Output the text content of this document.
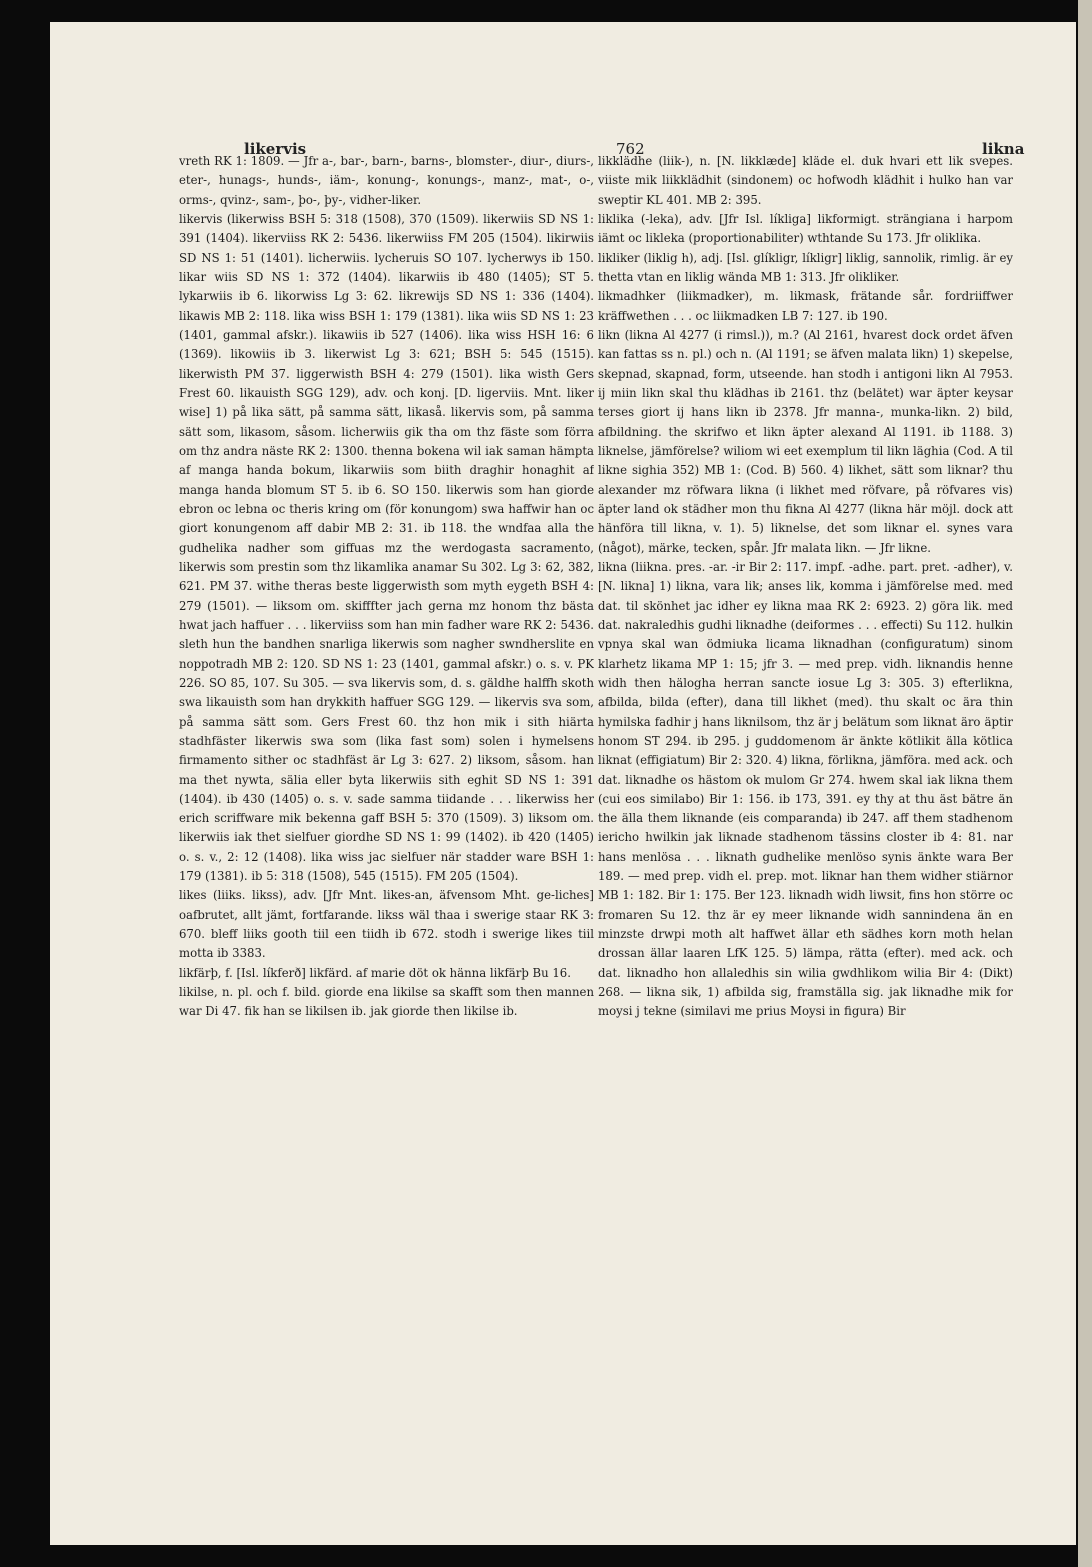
likervis	762	likna

vreth RK 1: 1809. — Jfr a-, bar-, barn-, barns-, blomster-, diur-, diurs-, eter-, hunags-, hunds-, iäm-, konung-, konungs-, manz-, mat-, o-, orms-, qvinz-, sam-, þo-, þy-, vidher-liker.

likervis (likerwiss BSH 5: 318 (1508), 370 (1509). likerwiis SD NS 1: 391 (1404). likerviiss RK 2: 5436. likerwiiss FM 205 (1504). likirwiis SD NS 1: 51 (1401). licherwiis. lycheruis SO 107. lycherwys ib 150. likar wiis SD NS 1: 372 (1404). likarwiis ib 480 (1405); ST 5. lykarwiis ib 6. likorwiss Lg 3: 62. likrewijs SD NS 1: 336 (1404). likawis MB 2: 118. lika wiss BSH 1: 179 (1381). lika wiis SD NS 1: 23 (1401, gammal afskr.). likawiis ib 527 (1406). lika wiss HSH 16: 6 (1369). likowiis ib 3. likerwist Lg 3: 621; BSH 5: 545 (1515). likerwisth PM 37. liggerwisth BSH 4: 279 (1501). lika wisth Gers Frest 60. likauisth SGG 129), adv. och konj. [D. ligerviis. Mnt. liker wise] 1) på lika sätt, på samma sätt, likaså. likervis som, på samma sätt som, likasom, såsom. licherwiis gik tha om thz fäste som förra om thz andra näste RK 2: 1300. thenna bokena wil iak saman hämpta af manga handa bokum, likarwiis som biith draghir honaghit af manga handa blomum ST 5. ib 6. SO 150. likerwis som han giorde ebron oc lebna oc theris kring om (för konungom) swa haffwir han oc giort konungenom aff dabir MB 2: 31. ib 118. the wndfaa alla the gudhelika nadher som giffuas mz the werdogasta sacramento, likerwis som prestin som thz likamlika anamar Su 302. Lg 3: 62, 382, 621. PM 37. withe theras beste liggerwisth som myth eygeth BSH 4: 279 (1501). — liksom om. skifffter jach gerna mz honom thz bästa hwat jach haffuer . . . likerviiss som han min fadher ware RK 2: 5436. sleth hun the bandhen snarliga likerwis som nagher swndherslite en noppotradh MB 2: 120. SD NS 1: 23 (1401, gammal afskr.) o. s. v. PK 226. SO 85, 107. Su 305. — sva likervis som, d. s. gäldhe halffh skoth swa likauisth som han drykkith haffuer SGG 129. — likervis sva som, på samma sätt som. Gers Frest 60. thz hon mik i sith hiärta stadhfäster likerwis swa som (lika fast som) solen i hymelsens firmamento sither oc stadhfäst är Lg 3: 627. 2) liksom, såsom. han ma thet nywta, sälia eller byta likerwiis sith eghit SD NS 1: 391 (1404). ib 430 (1405) o. s. v. sade samma tiidande . . . likerwiss her erich scriffware mik bekenna gaff BSH 5: 370 (1509). 3) liksom om. likerwiis iak thet sielfuer giordhe SD NS 1: 99 (1402). ib 420 (1405) o. s. v., 2: 12 (1408). lika wiss jac sielfuer när stadder ware BSH 1: 179 (1381). ib 5: 318 (1508), 545 (1515). FM 205 (1504).

likes (liiks. likss), adv. [Jfr Mnt. likes-an, äfvensom Mht. ge-liches] oafbrutet, allt jämt, fortfarande. likss wäl thaa i swerige staar RK 3: 670. bleff liiks gooth tiil een tiidh ib 672. stodh i swerige likes tiil motta ib 3383.

likfärþ, f. [Isl. líkferð] likfärd. af marie döt ok hänna likfärþ Bu 16.

likilse, n. pl. och f. bild. giorde ena likilse sa skafft som then mannen war Di 47. fik han se likilsen ib. jak giorde then likilse ib.

likklädhe (liik-), n. [N. likklæde] kläde el. duk hvari ett lik svepes. viiste mik liikklädhit (sindonem) oc hofwodh klädhit i hulko han var sweptir KL 401. MB 2: 395.

liklika (-leka), adv. [Jfr Isl. líkliga] likformigt. strängiana i harpom iämt oc likleka (proportionabiliter) wthtande Su 173. Jfr oliklika.

likliker (liklig h), adj. [Isl. glíkligr, líkligr] liklig, sannolik, rimlig. är ey thetta vtan en liklig wända MB 1: 313. Jfr olikliker.

likmadhker (liikmadker), m. likmask, frätande sår. fordriiffwer kräffwethen . . . oc liikmadken LB 7: 127. ib 190.

likn (likna Al 4277 (i rimsl.)), m.? (Al 2161, hvarest dock ordet äfven kan fattas ss n. pl.) och n. (Al 1191; se äfven malata likn) 1) skepelse, skepnad, skapnad, form, utseende. han stodh i antigoni likn Al 7953. ij miin likn skal thu klädhas ib 2161. thz (belätet) war äpter keysar terses giort ij hans likn ib 2378. Jfr manna-, munka-likn. 2) bild, afbildning. the skrifwo et likn äpter alexand Al 1191. ib 1188. 3) liknelse, jämförelse? wiliom wi eet exemplum til likn läghia (Cod. A til likne sighia 352) MB 1: (Cod. B) 560. 4) likhet, sätt som liknar? thu alexander mz röfwara likna (i likhet med röfvare, på röfvares vis) äpter land ok städher mon thu fikna Al 4277 (likna här möjl. dock att hänföra till likna, v. 1). 5) liknelse, det som liknar el. synes vara (något), märke, tecken, spår. Jfr malata likn. — Jfr likne.

likna (liikna. pres. -ar. -ir Bir 2: 117. impf. -adhe. part. pret. -adher), v. [N. likna] 1) likna, vara lik; anses lik, komma i jämförelse med. med dat. til skönhet jac idher ey likna maa RK 2: 6923. 2) göra lik. med dat. nakraledhis gudhi liknadhe (deiformes . . . effecti) Su 112. hulkin vpnya skal wan ödmiuka licama liknadhan (configuratum) sinom klarhetz likama MP 1: 15; jfr 3. — med prep. vidh. liknandis henne widh then hälogha herran sancte iosue Lg 3: 305. 3) efterlikna, afbilda, bilda (efter), dana till likhet (med). thu skalt oc ära thin hymilska fadhir j hans liknilsom, thz är j belätum som liknat äro äptir honom ST 294. ib 295. j guddomenom är änkte kötlikit älla kötlica liknat (effigiatum) Bir 2: 320. 4) likna, förlikna, jämföra. med ack. och dat. liknadhe os hästom ok mulom Gr 274. hwem skal iak likna them (cui eos similabo) Bir 1: 156. ib 173, 391. ey thy at thu äst bätre än the älla them liknande (eis comparanda) ib 247. aff them stadhenom iericho hwilkin jak liknade stadhenom tässins closter ib 4: 81. nar hans menlösa . . . liknath gudhelike menlöso synis änkte wara Ber 189. — med prep. vidh el. prep. mot. liknar han them widher stiärnor MB 1: 182. Bir 1: 175. Ber 123. liknadh widh liwsit, fins hon större oc fromaren Su 12. thz är ey meer liknande widh sannindena än en minzste drwpi moth alt haffwet ällar eth sädhes korn moth helan drossan ällar laaren LfK 125. 5) lämpa, rätta (efter). med ack. och dat. liknadho hon allaledhis sin wilia gwdhlikom wilia Bir 4: (Dikt) 268. — likna sik, 1) afbilda sig, framställa sig. jak liknadhe mik for moysi j tekne (similavi me prius Moysi in figura) Bir
